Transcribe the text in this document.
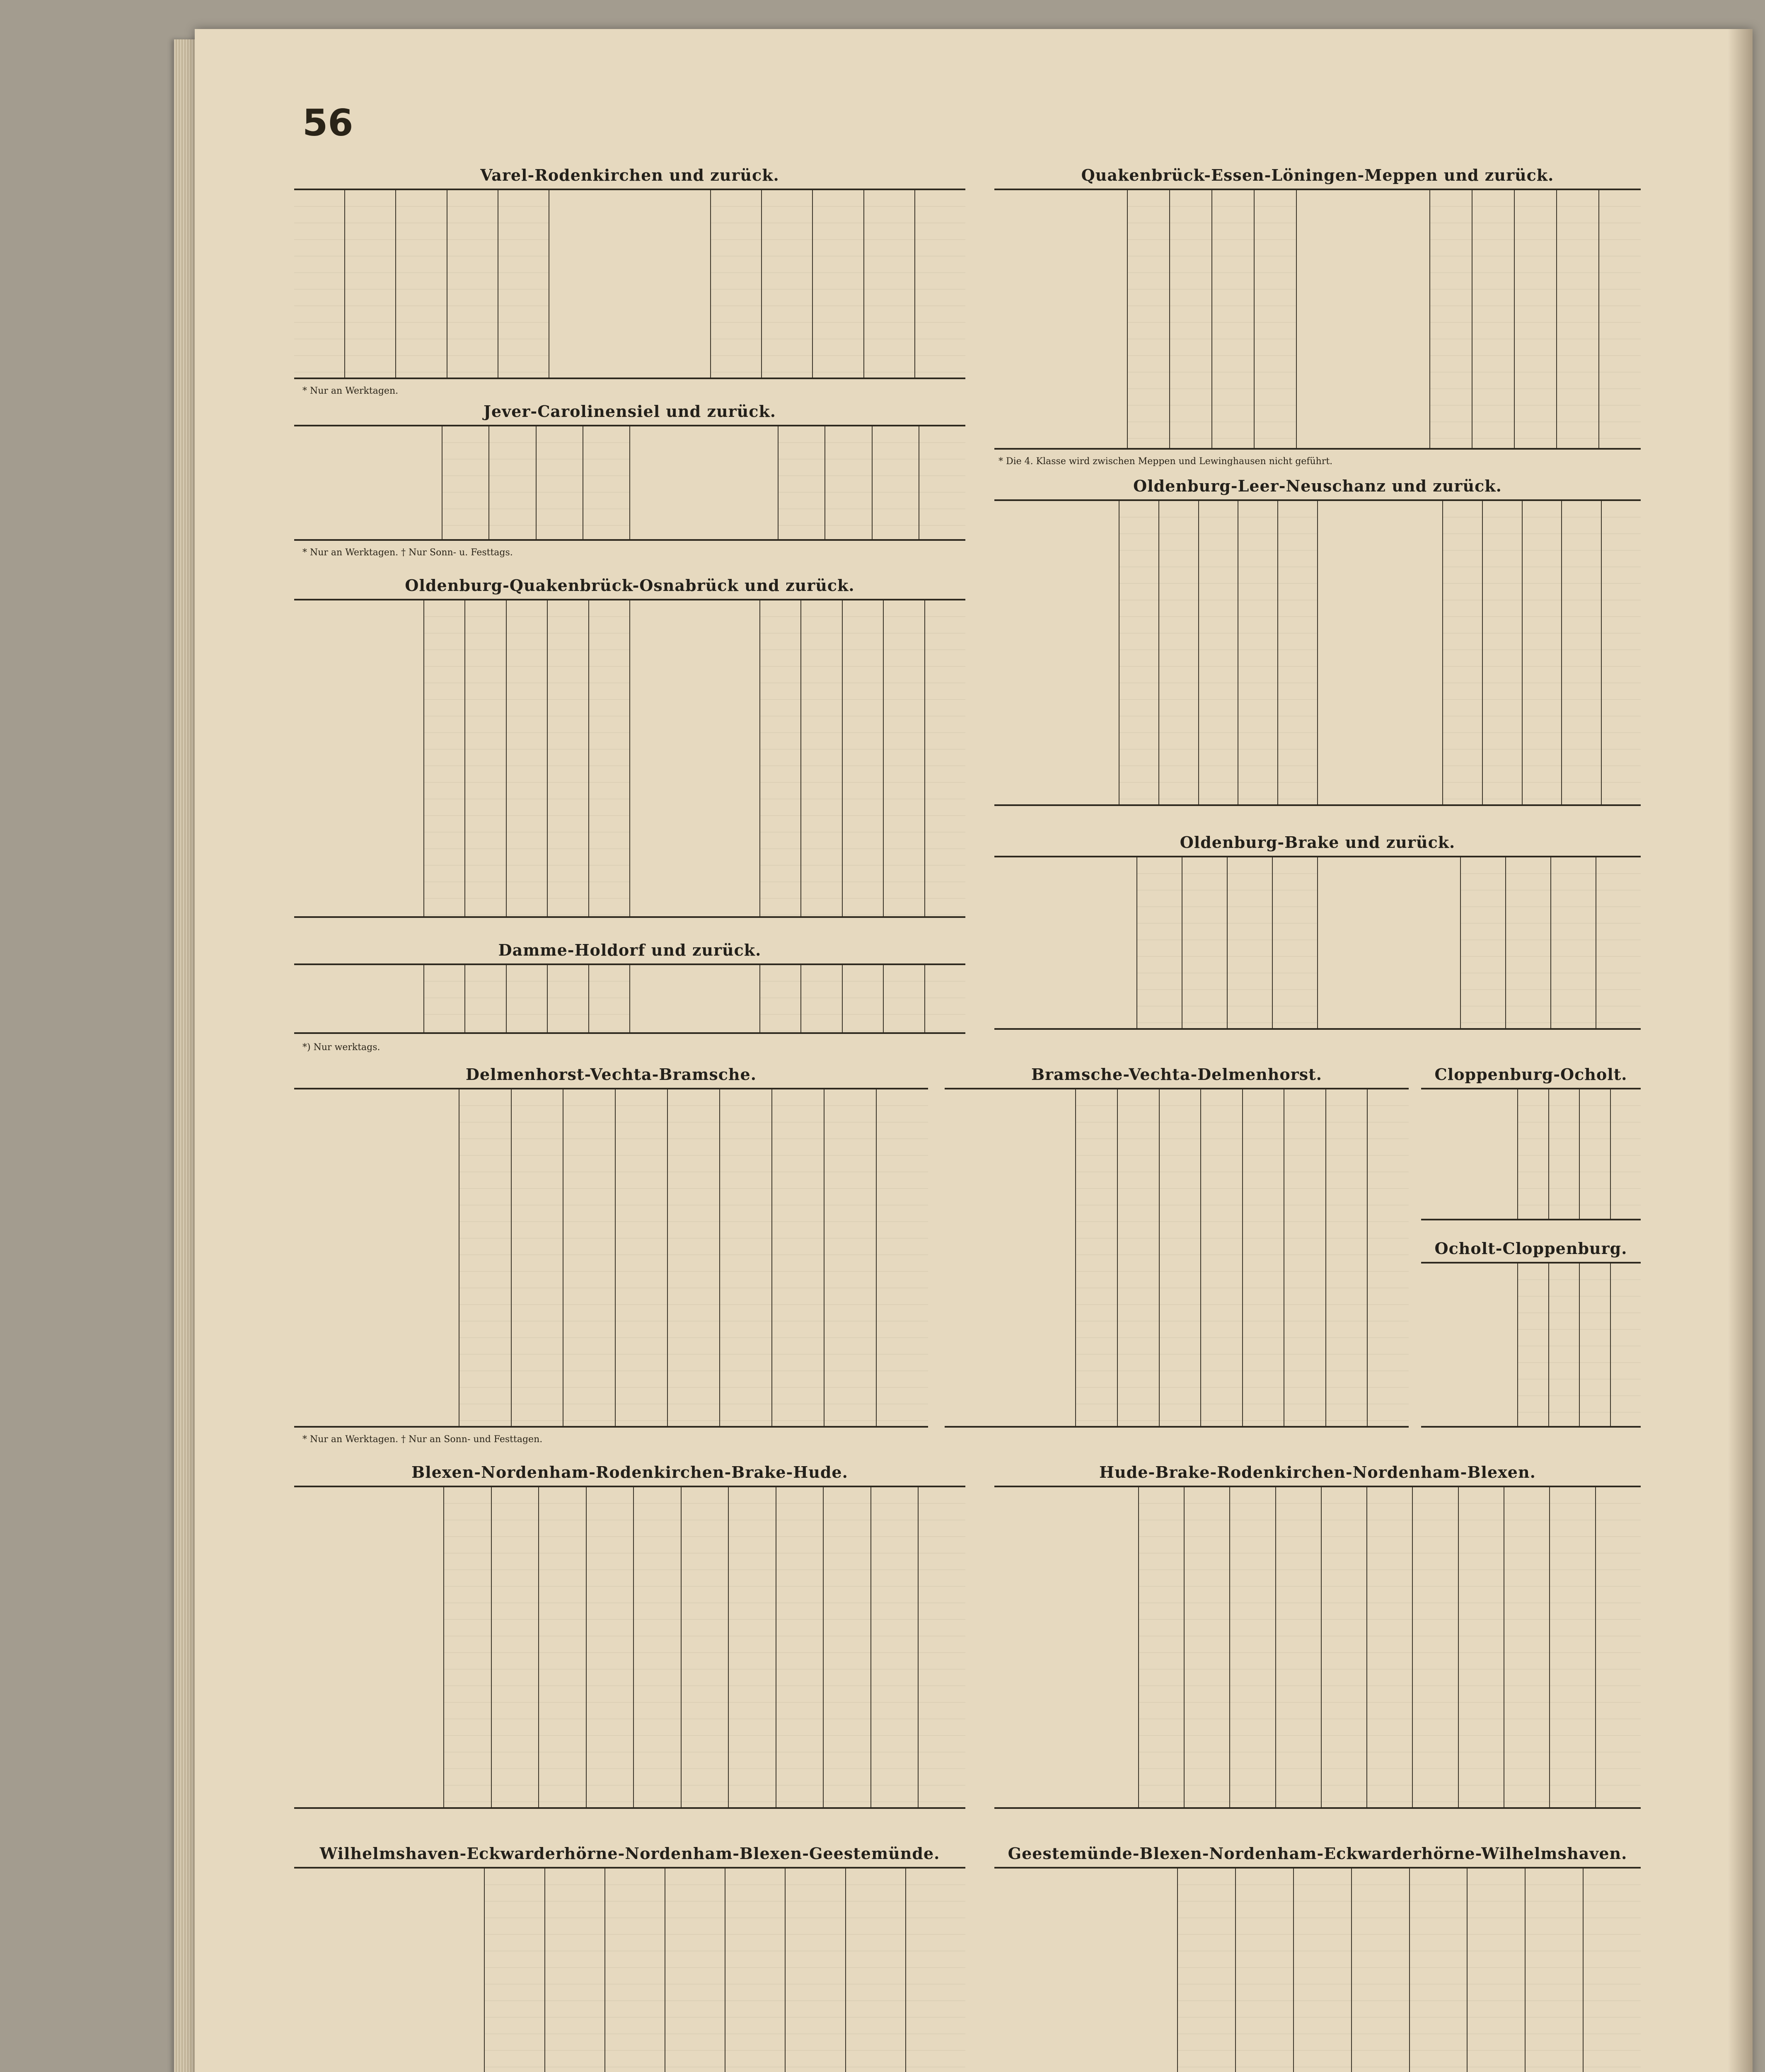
56
Varel-Rodenkirchen und zurück.
* Nur an Werktagen.
Quakenbrück-Essen-Löningen-Meppen und zurück.
* Die 4. Klasse wird zwischen Meppen und Lewinghausen nicht geführt.
Jever-Carolinensiel und zurück.
* Nur an Werktagen. † Nur Sonn- u. Festtags.
Oldenburg-Leer-Neuschanz und zurück.
Oldenburg-Quakenbrück-Osnabrück und zurück.
Oldenburg-Brake und zurück.
Damme-Holdorf und zurück.
*) Nur werktags.
Delmenhorst-Vechta-Bramsche.
* Nur an Werktagen. † Nur an Sonn- und Festtagen.
Bramsche-Vechta-Delmenhorst.	Cloppenburg-Ocholt.
Ocholt-Cloppenburg.
Blexen-Nordenham-Rodenkirchen-Brake-Hude.	Hude-Brake-Rodenkirchen-Nordenham-Blexen.
Wilhelmshaven-Eckwarderhörne-Nordenham-Blexen-Geestemünde.	Geestemünde-Blexen-Nordenham-Eckwarderhörne-Wilhelmshaven.
